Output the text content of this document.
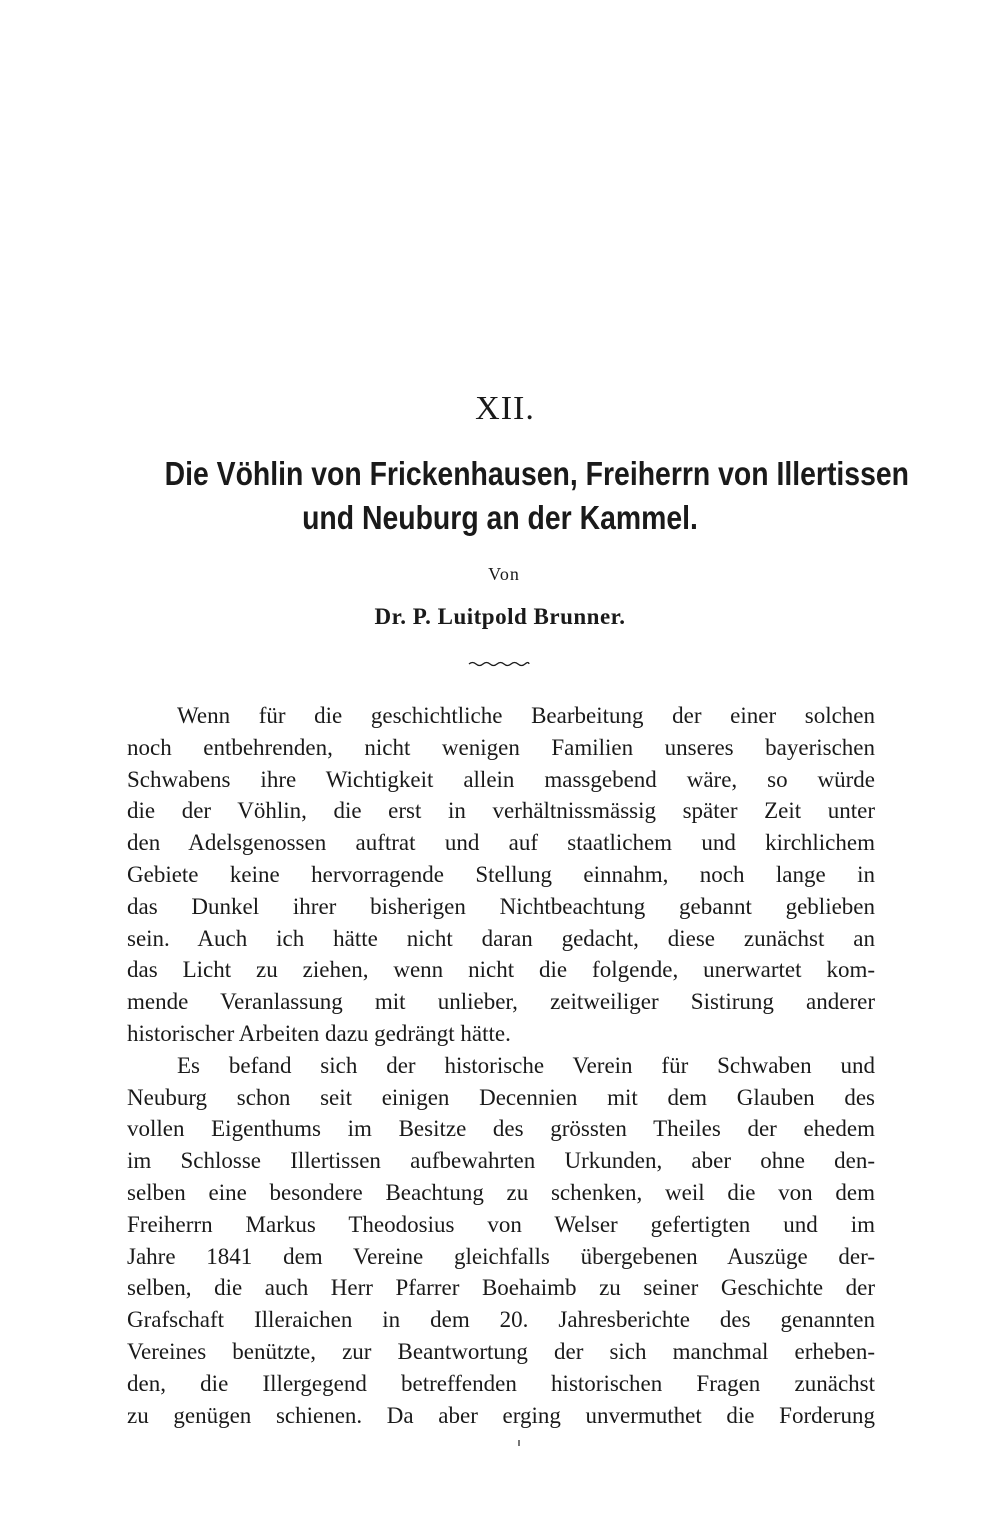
XII.
Die Vöhlin von Frickenhausen, Freiherrn von Illertissen
und Neuburg an der Kammel.
Von
Dr. P. Luitpold Brunner.
Wenn für die geschichtliche Bearbeitung der einer solchen
noch entbehrenden, nicht wenigen Familien unseres bayerischen
Schwabens ihre Wichtigkeit allein massgebend wäre, so würde
die der Vöhlin, die erst in verhältnissmässig später Zeit unter
den Adelsgenossen auftrat und auf staatlichem und kirchlichem
Gebiete keine hervorragende Stellung einnahm, noch lange in
das Dunkel ihrer bisherigen Nichtbeachtung gebannt geblieben
sein. Auch ich hätte nicht daran gedacht, diese zunächst an
das Licht zu ziehen, wenn nicht die folgende, unerwartet kom-
mende Veranlassung mit unlieber, zeitweiliger Sistirung anderer
historischer Arbeiten dazu gedrängt hätte.
Es befand sich der historische Verein für Schwaben und
Neuburg schon seit einigen Decennien mit dem Glauben des
vollen Eigenthums im Besitze des grössten Theiles der ehedem
im Schlosse Illertissen aufbewahrten Urkunden, aber ohne den-
selben eine besondere Beachtung zu schenken, weil die von dem
Freiherrn Markus Theodosius von Welser gefertigten und im
Jahre 1841 dem Vereine gleichfalls übergebenen Auszüge der-
selben, die auch Herr Pfarrer Boehaimb zu seiner Geschichte der
Grafschaft Illeraichen in dem 20. Jahresberichte des genannten
Vereines benützte, zur Beantwortung der sich manchmal erheben-
den, die Illergegend betreffenden historischen Fragen zunächst
zu genügen schienen. Da aber erging unvermuthet die Forderung
